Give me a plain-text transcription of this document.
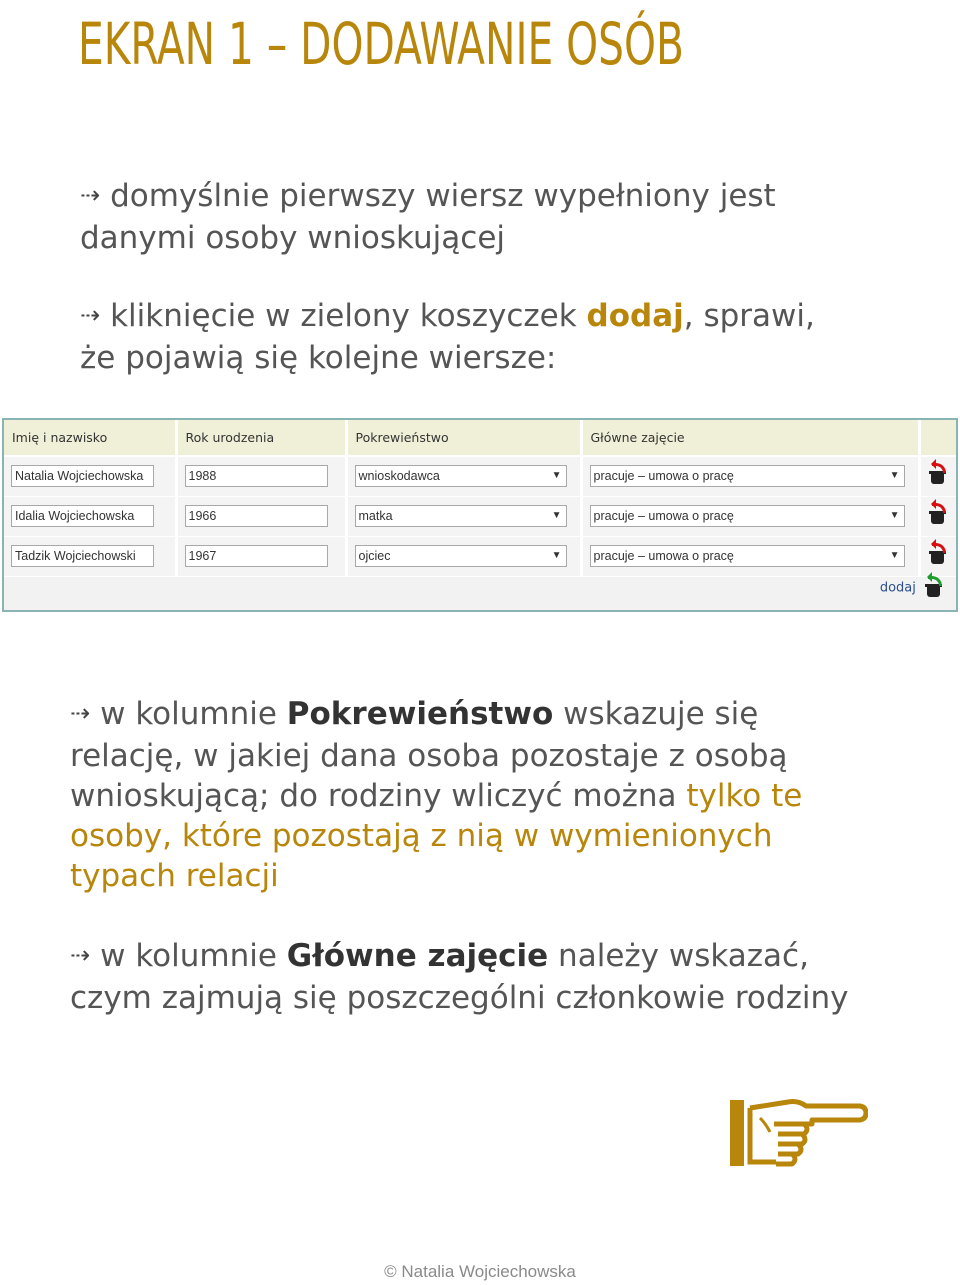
EKRAN 1 – DODAWANIE OSÓB
⇢ domyślnie pierwszy wiersz wypełniony jest danymi osoby wnioskującej
⇢ kliknięcie w zielony koszyczek dodaj, sprawi, że pojawią się kolejne wiersze:
Imię i nazwisko	Rok urodzenia	Pokrewieństwo	Główne zajęcie	

Natalia Wojciechowska	1988	wnioskodawca ▼	pracuje – umowa o pracę ▼	

Idalia Wojciechowska	1966	matka ▼	pracuje – umowa o pracę ▼	

Tadzik Wojciechowski	1967	ojciec ▼	pracuje – umowa o pracę ▼	

dodaj
⇢ w kolumnie Pokrewieństwo wskazuje się relację, w jakiej dana osoba pozostaje z osobą wnioskującą; do rodziny wliczyć można tylko te osoby, które pozostają z nią w wymienionych typach relacji
⇢ w kolumnie Główne zajęcie należy wskazać, czym zajmują się poszczególni członkowie rodziny
© Natalia Wojciechowska
